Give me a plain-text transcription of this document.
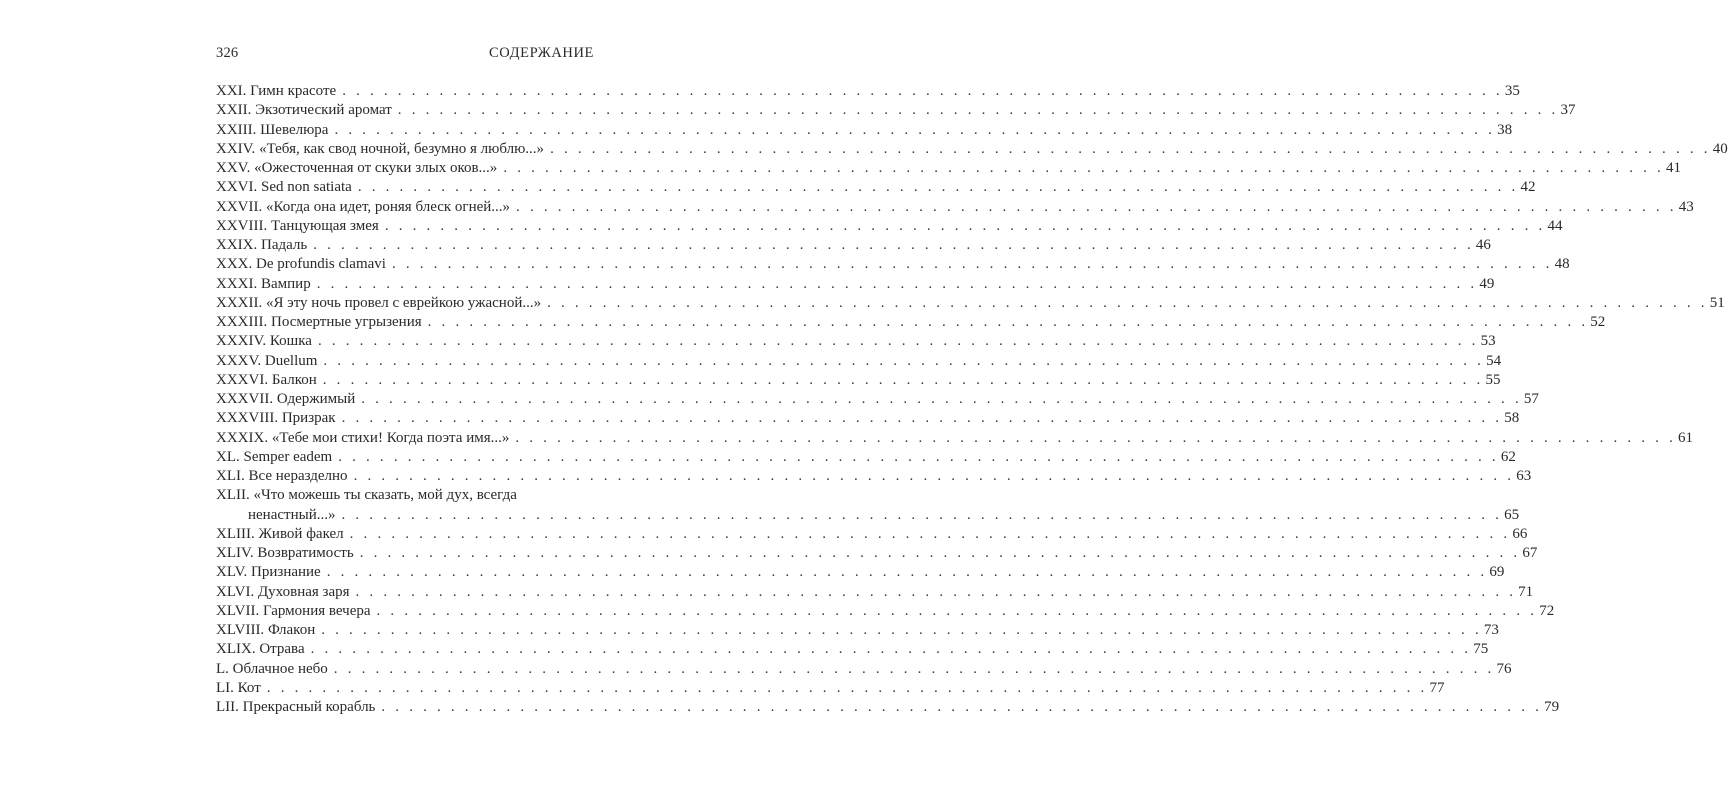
326	СОДЕРЖАНИЕ
XXI. Гимн красоте . . . . . . . . . . . . . . . . . . . . . . . . . . . . . . . . . . . . . . . . . . . . . . . . . . . . . . . . . . . . . . . . . . . . . . . . . . . . . . . . . . . . 35
XXII. Экзотический аромат . . . . . . . . . . . . . . . . . . . . . . . . . . . . . . . . . . . . . . . . . . . . . . . . . . . . . . . . . . . . . . . . . . . . . . . . . . . . . . . . . . . . 37
XXIII. Шевелюра . . . . . . . . . . . . . . . . . . . . . . . . . . . . . . . . . . . . . . . . . . . . . . . . . . . . . . . . . . . . . . . . . . . . . . . . . . . . . . . . . . . . 38
XXIV. «Тебя, как свод ночной, безумно я люблю...» . . . . . . . . . . . . . . . . . . . . . . . . . . . . . . . . . . . . . . . . . . . . . . . . . . . . . . . . . . . . . . . . . . . . . . . . . . . . . . . . . . . . 40
XXV. «Ожесточенная от скуки злых оков...» . . . . . . . . . . . . . . . . . . . . . . . . . . . . . . . . . . . . . . . . . . . . . . . . . . . . . . . . . . . . . . . . . . . . . . . . . . . . . . . . . . . . 41
XXVI. Sed non satiata . . . . . . . . . . . . . . . . . . . . . . . . . . . . . . . . . . . . . . . . . . . . . . . . . . . . . . . . . . . . . . . . . . . . . . . . . . . . . . . . . . . . 42
XXVII. «Когда она идет, роняя блеск огней...» . . . . . . . . . . . . . . . . . . . . . . . . . . . . . . . . . . . . . . . . . . . . . . . . . . . . . . . . . . . . . . . . . . . . . . . . . . . . . . . . . . . . 43
XXVIII. Танцующая змея . . . . . . . . . . . . . . . . . . . . . . . . . . . . . . . . . . . . . . . . . . . . . . . . . . . . . . . . . . . . . . . . . . . . . . . . . . . . . . . . . . . . 44
XXIX. Падаль . . . . . . . . . . . . . . . . . . . . . . . . . . . . . . . . . . . . . . . . . . . . . . . . . . . . . . . . . . . . . . . . . . . . . . . . . . . . . . . . . . . . 46
XXX. De profundis clamavi . . . . . . . . . . . . . . . . . . . . . . . . . . . . . . . . . . . . . . . . . . . . . . . . . . . . . . . . . . . . . . . . . . . . . . . . . . . . . . . . . . . . 48
XXXI. Вампир . . . . . . . . . . . . . . . . . . . . . . . . . . . . . . . . . . . . . . . . . . . . . . . . . . . . . . . . . . . . . . . . . . . . . . . . . . . . . . . . . . . . 49
XXXII. «Я эту ночь провел с еврейкою ужасной...» . . . . . . . . . . . . . . . . . . . . . . . . . . . . . . . . . . . . . . . . . . . . . . . . . . . . . . . . . . . . . . . . . . . . . . . . . . . . . . . . . . . . 51
XXXIII. Посмертные угрызения . . . . . . . . . . . . . . . . . . . . . . . . . . . . . . . . . . . . . . . . . . . . . . . . . . . . . . . . . . . . . . . . . . . . . . . . . . . . . . . . . . . . 52
XXXIV. Кошка . . . . . . . . . . . . . . . . . . . . . . . . . . . . . . . . . . . . . . . . . . . . . . . . . . . . . . . . . . . . . . . . . . . . . . . . . . . . . . . . . . . . 53
XXXV. Duellum . . . . . . . . . . . . . . . . . . . . . . . . . . . . . . . . . . . . . . . . . . . . . . . . . . . . . . . . . . . . . . . . . . . . . . . . . . . . . . . . . . . . 54
XXXVI. Балкон . . . . . . . . . . . . . . . . . . . . . . . . . . . . . . . . . . . . . . . . . . . . . . . . . . . . . . . . . . . . . . . . . . . . . . . . . . . . . . . . . . . . 55
XXXVII. Одержимый . . . . . . . . . . . . . . . . . . . . . . . . . . . . . . . . . . . . . . . . . . . . . . . . . . . . . . . . . . . . . . . . . . . . . . . . . . . . . . . . . . . . 57
XXXVIII. Призрак . . . . . . . . . . . . . . . . . . . . . . . . . . . . . . . . . . . . . . . . . . . . . . . . . . . . . . . . . . . . . . . . . . . . . . . . . . . . . . . . . . . . 58
XXXIX. «Тебе мои стихи! Когда поэта имя...» . . . . . . . . . . . . . . . . . . . . . . . . . . . . . . . . . . . . . . . . . . . . . . . . . . . . . . . . . . . . . . . . . . . . . . . . . . . . . . . . . . . . 61
XL. Semper eadem . . . . . . . . . . . . . . . . . . . . . . . . . . . . . . . . . . . . . . . . . . . . . . . . . . . . . . . . . . . . . . . . . . . . . . . . . . . . . . . . . . . . 62
XLI. Все неразделно . . . . . . . . . . . . . . . . . . . . . . . . . . . . . . . . . . . . . . . . . . . . . . . . . . . . . . . . . . . . . . . . . . . . . . . . . . . . . . . . . . . . 63
XLII. «Что можешь ты сказать, мой дух, всегда
ненастный...» . . . . . . . . . . . . . . . . . . . . . . . . . . . . . . . . . . . . . . . . . . . . . . . . . . . . . . . . . . . . . . . . . . . . . . . . . . . . . . . . . . . . 65
XLIII. Живой факел . . . . . . . . . . . . . . . . . . . . . . . . . . . . . . . . . . . . . . . . . . . . . . . . . . . . . . . . . . . . . . . . . . . . . . . . . . . . . . . . . . . . 66
XLIV. Возвратимость . . . . . . . . . . . . . . . . . . . . . . . . . . . . . . . . . . . . . . . . . . . . . . . . . . . . . . . . . . . . . . . . . . . . . . . . . . . . . . . . . . . . 67
XLV. Признание . . . . . . . . . . . . . . . . . . . . . . . . . . . . . . . . . . . . . . . . . . . . . . . . . . . . . . . . . . . . . . . . . . . . . . . . . . . . . . . . . . . . 69
XLVI. Духовная заря . . . . . . . . . . . . . . . . . . . . . . . . . . . . . . . . . . . . . . . . . . . . . . . . . . . . . . . . . . . . . . . . . . . . . . . . . . . . . . . . . . . . 71
XLVII. Гармония вечера . . . . . . . . . . . . . . . . . . . . . . . . . . . . . . . . . . . . . . . . . . . . . . . . . . . . . . . . . . . . . . . . . . . . . . . . . . . . . . . . . . . . 72
XLVIII. Флакон . . . . . . . . . . . . . . . . . . . . . . . . . . . . . . . . . . . . . . . . . . . . . . . . . . . . . . . . . . . . . . . . . . . . . . . . . . . . . . . . . . . . 73
XLIX. Отрава . . . . . . . . . . . . . . . . . . . . . . . . . . . . . . . . . . . . . . . . . . . . . . . . . . . . . . . . . . . . . . . . . . . . . . . . . . . . . . . . . . . . 75
L. Облачное небо . . . . . . . . . . . . . . . . . . . . . . . . . . . . . . . . . . . . . . . . . . . . . . . . . . . . . . . . . . . . . . . . . . . . . . . . . . . . . . . . . . . . 76
LI. Кот . . . . . . . . . . . . . . . . . . . . . . . . . . . . . . . . . . . . . . . . . . . . . . . . . . . . . . . . . . . . . . . . . . . . . . . . . . . . . . . . . . . . 77
LII. Прекрасный корабль . . . . . . . . . . . . . . . . . . . . . . . . . . . . . . . . . . . . . . . . . . . . . . . . . . . . . . . . . . . . . . . . . . . . . . . . . . . . . . . . . . . . 79
